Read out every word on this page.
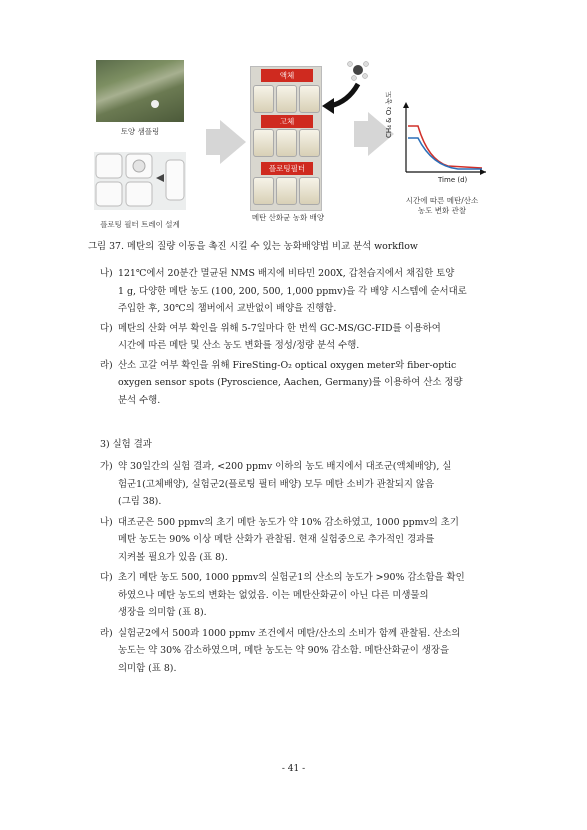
토양 샘플링
플로팅 필터 트레이 설계
액체
고체
플로팅필터
메탄 산화균 농화 배양
CH₄ & O₂ 농도
Time (d)
시간에 따른 메탄/산소
농도 변화 관찰
그림 37. 메탄의 질량 이동을 촉진 시킬 수 있는 농화배양법 비교 분석 workflow
나) 121℃에서 20분간 멸균된 NMS 배지에 비타민 200X, 갑천습지에서 채집한 토양
1 g, 다양한 메탄 농도 (100, 200, 500, 1,000 ppmv)을 각 배양 시스템에 순서대로
주입한 후, 30℃의 챔버에서 교반없이 배양을 진행함.
다) 메탄의 산화 여부 확인을 위해 5-7일마다 한 번씩 GC-MS/GC-FID를 이용하여
시간에 따른 메탄 및 산소 농도 변화를 정성/정량 분석 수행.
라) 산소 고갈 여부 확인을 위해 FireSting-O₂ optical oxygen meter와 fiber-optic
oxygen sensor spots (Pyroscience, Aachen, Germany)를 이용하여 산소 정량
분석 수행.
3) 실험 결과
가) 약 30일간의 실험 결과, <200 ppmv 이하의 농도 배지에서 대조군(액체배양), 실
험군1(고체배양), 실험군2(플로팅 필터 배양) 모두 메탄 소비가 관찰되지 않음
(그림 38).
나) 대조군은 500 ppmv의 초기 메탄 농도가 약 10% 감소하였고, 1000 ppmv의 초기
메탄 농도는 90% 이상 메탄 산화가 관찰됨. 현재 실험중으로 추가적인 경과를
지켜볼 필요가 있음 (표 8).
다) 초기 메탄 농도 500, 1000 ppmv의 실험군1의 산소의 농도가 >90% 감소함을 확인
하였으나 메탄 농도의 변화는 없었음. 이는 메탄산화균이 아닌 다른 미생물의
생장을 의미함 (표 8).
라) 실험군2에서 500과 1000 ppmv 조건에서 메탄/산소의 소비가 함께 관찰됨. 산소의
농도는 약 30% 감소하였으며, 메탄 농도는 약 90% 감소함. 메탄산화균이 생장을
의미함 (표 8).
- 41 -
